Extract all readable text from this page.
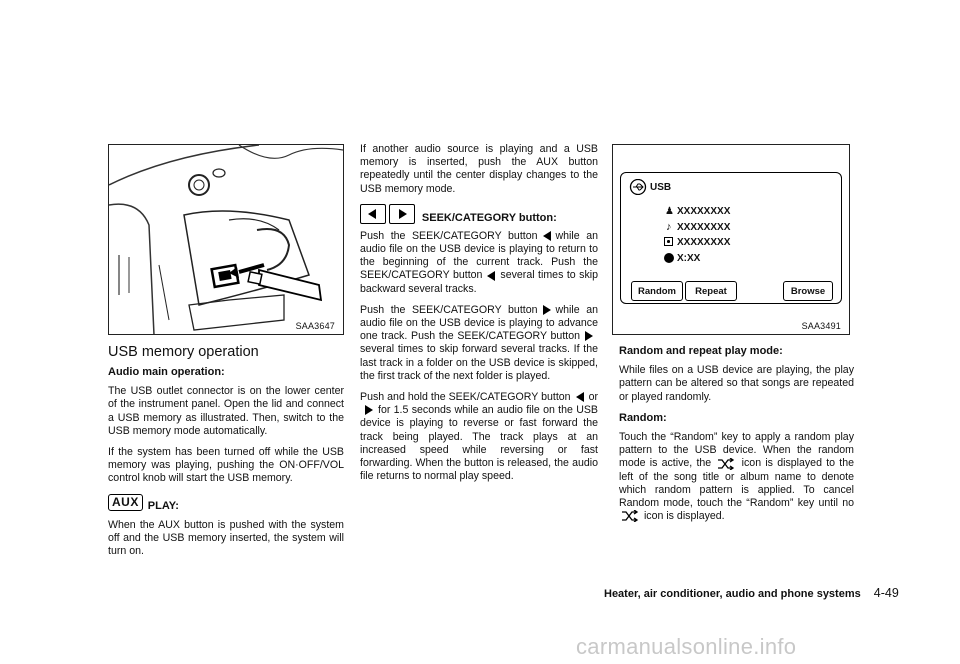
SAA3647
USB memory operation

Audio main operation:

The USB outlet connector is on the lower center of the instrument panel. Open the lid and connect a USB memory as illustrated. Then, switch to the USB memory mode automatically.

If the system has been turned off while the USB memory was playing, pushing the ON·OFF/VOL control knob will start the USB memory.

AUX PLAY:

When the AUX button is pushed with the system off and the USB memory inserted, the system will turn on.

If another audio source is playing and a USB memory is inserted, push the AUX button repeatedly until the center display changes to the USB memory mode.

SEEK/CATEGORY button:

Push the SEEK/CATEGORY button while an audio file on the USB device is playing to return to the beginning of the current track. Push the SEEK/CATEGORY button several times to skip backward several tracks.

Push the SEEK/CATEGORY button while an audio file on the USB device is playing to advance one track. Push the SEEK/CATEGORY buttonseveral times to skip forward several tracks. If the last track in a folder on the USB device is skipped, the first track of the next folder is played.

Push and hold the SEEK/CATEGORY button orfor 1.5 seconds while an audio file on the USB device is playing to reverse or fast forward the track being played. The track plays at an increased speed while reversing or fast forwarding. When the button is released, the audio file returns to normal play speed.

SAA3491
USB
♟ XXXXXXXX
♪ XXXXXXXX
XXXXXXXX
X:XX
Random	Repeat	Browse

Random and repeat play mode:

While files on a USB device are playing, the play pattern can be altered so that songs are repeated or played randomly.

Random:

Touch the “Random” key to apply a random play pattern to the USB device. When the random mode is active, the	icon is displayed to the left of the song title or album name to denote which random pattern is applied. To cancel Random mode, touch the “Random” key until no  icon is displayed.

Heater, air conditioner, audio and phone systems 4-49
carmanualsonline.info
